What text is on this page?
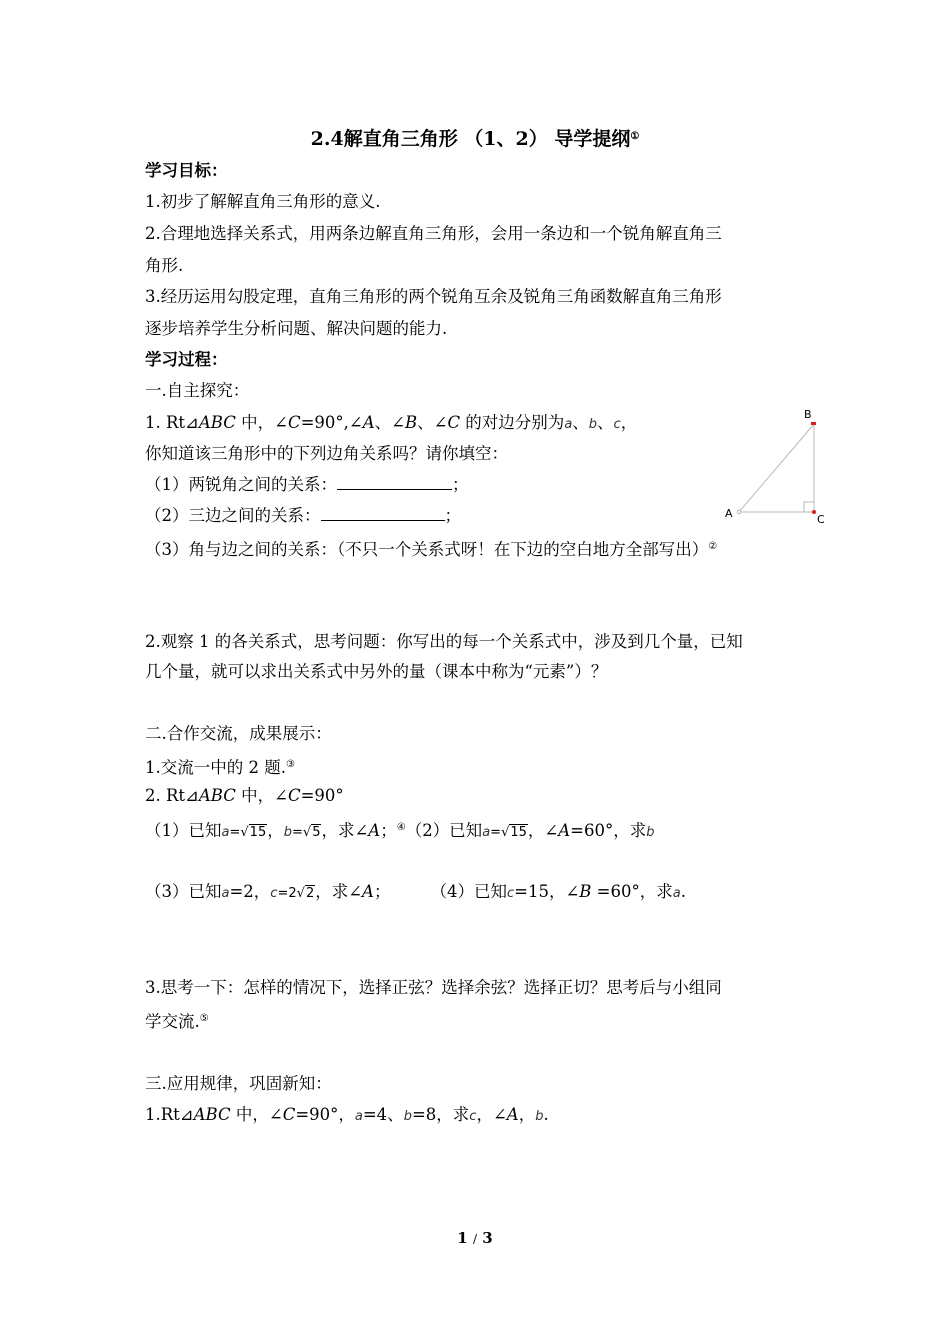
2.4解直角三角形 （1、2） 导学提纲①
学习目标：
1.初步了解解直角三角形的意义.
2.合理地选择关系式，用两条边解直角三角形，会用一条边和一个锐角解直角三
角形.
3.经历运用勾股定理，直角三角形的两个锐角互余及锐角三角函数解直角三角形
逐步培养学生分析问题、解决问题的能力.
学习过程：
一.自主探究：
1. Rt⊿ABC 中，∠C=90°,∠A、∠B、∠C 的对边分别为a、b、c，
你知道该三角形中的下列边角关系吗？请你填空：
（1）两锐角之间的关系：	；
（2）三边之间的关系：	；
（3）角与边之间的关系：（不只一个关系式呀！在下边的空白地方全部写出）②
A
B
C
2.观察 1 的各关系式，思考问题：你写出的每一个关系式中，涉及到几个量，已知
几个量，就可以求出关系式中另外的量（课本中称为“元素”）？
二.合作交流，成果展示：
1.交流一中的 2 题.③
2. Rt⊿ABC 中，∠C=90°
（1）已知a=√15，b=√5，求∠A；④（2）已知a=√15，∠A=60°，求b
（3）已知a=2，c=2√2，求∠A； （4）已知c=15，∠B =60°，求a.
3.思考一下：怎样的情况下，选择正弦？选择余弦？选择正切？思考后与小组同
学交流.⑤
三.应用规律，巩固新知：
1.Rt⊿ABC 中，∠C=90°，a=4、b=8，求c，∠A，b.
1 / 3
